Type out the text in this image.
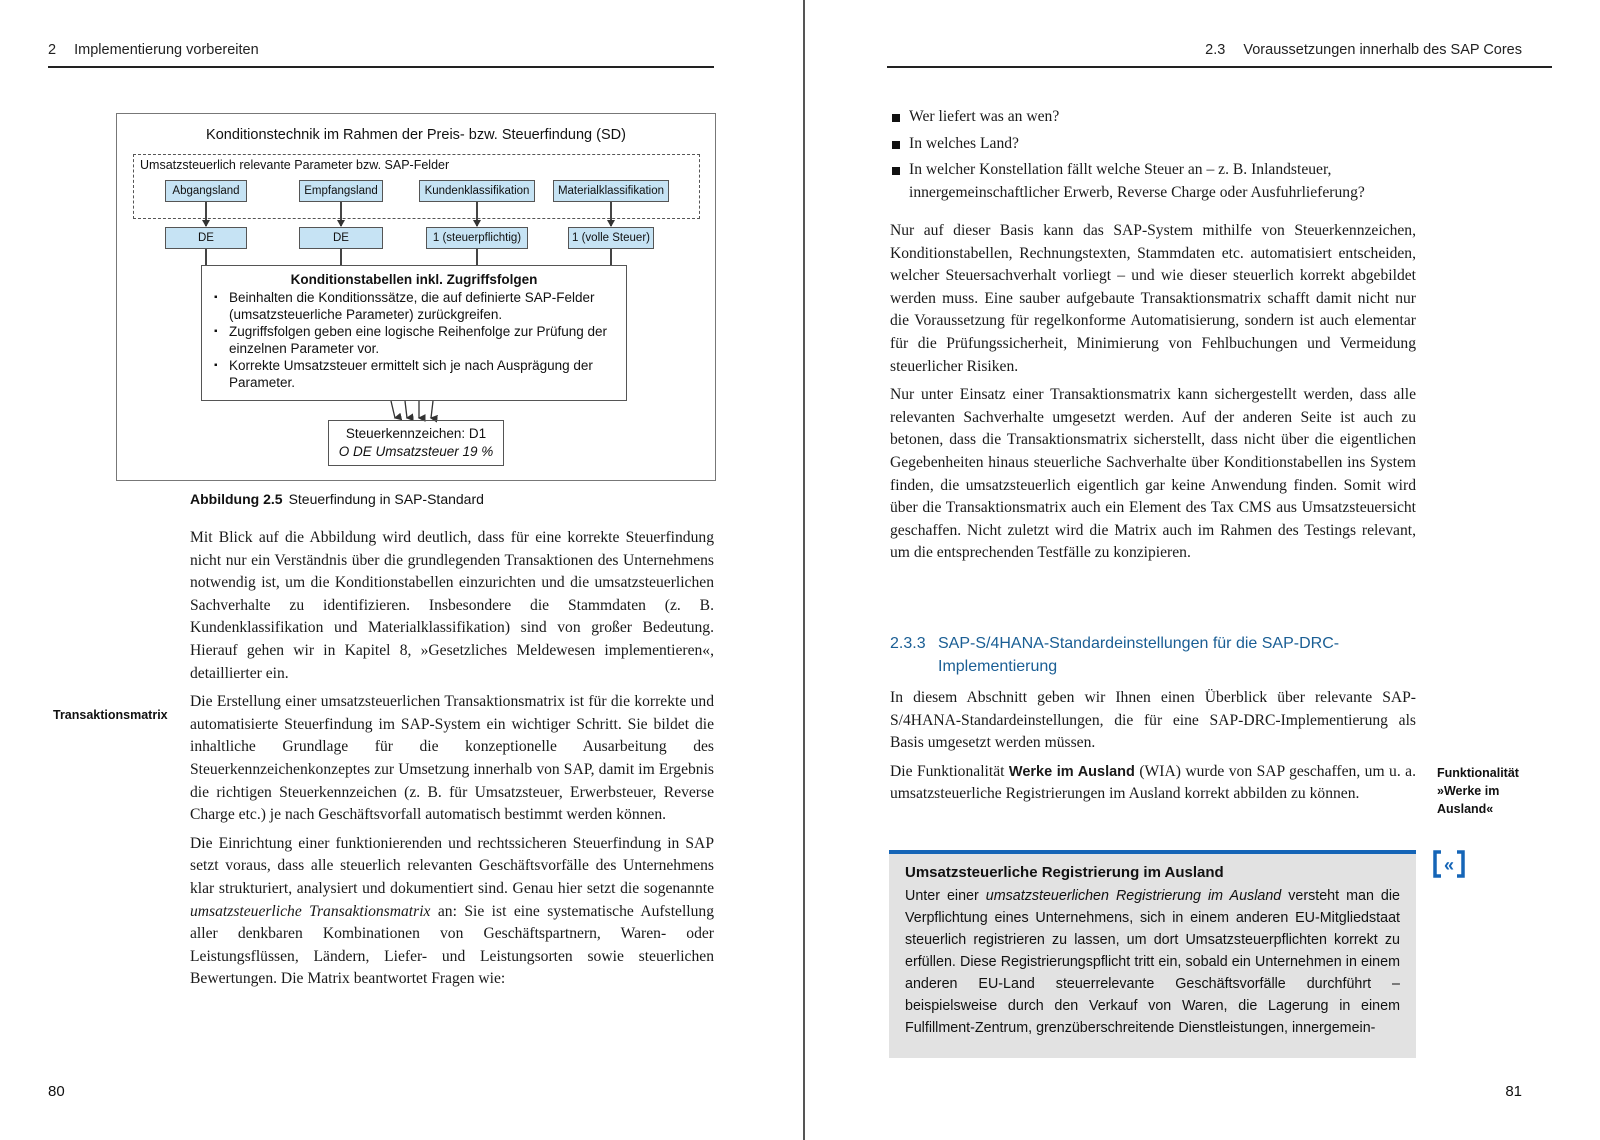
2 Implementierung vorbereiten
Konditionstechnik im Rahmen der Preis- bzw. Steuerfindung (SD)
Umsatzsteuerlich relevante Parameter bzw. SAP-Felder
Abgangsland	Empfangsland	Kundenklassifikation	Materialklassifikation
DE	DE	1 (steuerpflichtig)	1 (volle Steuer)
Konditionstabellen inkl. Zugriffsfolgen
▪ Beinhalten die Konditionssätze, die auf definierte SAP-Felder (umsatzsteuerliche Parameter) zurückgreifen.
▪ Zugriffsfolgen geben eine logische Reihenfolge zur Prüfung der einzelnen Parameter vor.
▪ Korrekte Umsatzsteuer ermittelt sich je nach Ausprägung der Parameter.
Steuerkennzeichen: D1
O DE Umsatzsteuer 19 %
Abbildung 2.5 Steuerfindung in SAP-Standard
Transaktionsmatrix

Mit Blick auf die Abbildung wird deutlich, dass für eine korrekte Steuerfindung nicht nur ein Verständnis über die grundlegenden Transaktionen des Unternehmens notwendig ist, um die Konditionstabellen einzurichten und die umsatzsteuerlichen Sachverhalte zu identifizieren. Insbesondere die Stammdaten (z. B. Kundenklassifikation und Materialklassifikation) sind von großer Bedeutung. Hierauf gehen wir in Kapitel 8, »Gesetzliches Meldewesen implementieren«, detaillierter ein.

Die Erstellung einer umsatzsteuerlichen Transaktionsmatrix ist für die korrekte und automatisierte Steuerfindung im SAP-System ein wichtiger Schritt. Sie bildet die inhaltliche Grundlage für die konzeptionelle Ausarbeitung des Steuerkennzeichenkonzeptes zur Umsetzung innerhalb von SAP, damit im Ergebnis die richtigen Steuerkennzeichen (z. B. für Umsatzsteuer, Erwerbsteuer, Reverse Charge etc.) je nach Geschäftsvorfall automatisch bestimmt werden können.

Die Einrichtung einer funktionierenden und rechtssicheren Steuerfindung in SAP setzt voraus, dass alle steuerlich relevanten Geschäftsvorfälle des Unternehmens klar strukturiert, analysiert und dokumentiert sind. Genau hier setzt die sogenannte umsatzsteuerliche Transaktionsmatrix an: Sie ist eine systematische Aufstellung aller denkbaren Kombinationen von Geschäftspartnern, Waren- oder Leistungsflüssen, Ländern, Liefer- und Leistungsorten sowie steuerlichen Bewertungen. Die Matrix beantwortet Fragen wie:

80
2.3 Voraussetzungen innerhalb des SAP Cores
81
Wer liefert was an wen?
In welches Land?
In welcher Konstellation fällt welche Steuer an – z. B. Inlandsteuer, innergemeinschaftlicher Erwerb, Reverse Charge oder Ausfuhrlieferung?

Nur auf dieser Basis kann das SAP-System mithilfe von Steuerkennzeichen, Konditionstabellen, Rechnungstexten, Stammdaten etc. automatisiert entscheiden, welcher Steuersachverhalt vorliegt – und wie dieser steuerlich korrekt abgebildet werden muss. Eine sauber aufgebaute Transaktionsmatrix schafft damit nicht nur die Voraussetzung für regelkonforme Automatisierung, sondern ist auch elementar für die Prüfungssicherheit, Minimierung von Fehlbuchungen und Vermeidung steuerlicher Risiken.

Nur unter Einsatz einer Transaktionsmatrix kann sichergestellt werden, dass alle relevanten Sachverhalte umgesetzt werden. Auf der anderen Seite ist auch zu betonen, dass die Transaktionsmatrix sicherstellt, dass nicht über die eigentlichen Gegebenheiten hinaus steuerliche Sachverhalte über Konditionstabellen ins System finden, die umsatzsteuerlich eigentlich gar keine Anwendung finden. Somit wird über die Transaktionsmatrix auch ein Element des Tax CMS aus Umsatzsteuersicht geschaffen. Nicht zuletzt wird die Matrix auch im Rahmen des Testings relevant, um die entsprechenden Testfälle zu konzipieren.

2.3.3 SAP-S/4HANA-Standardeinstellungen für die SAP-DRC-Implementierung

In diesem Abschnitt geben wir Ihnen einen Überblick über relevante SAP-S/4HANA-Standardeinstellungen, die für eine SAP-DRC-Implementierung als Basis umgesetzt werden müssen.

Die Funktionalität Werke im Ausland (WIA) wurde von SAP geschaffen, um u. a. umsatzsteuerliche Registrierungen im Ausland korrekt abbilden zu können.

Funktionalität »Werke im Ausland«
«
Umsatzsteuerliche Registrierung im Ausland
Unter einer umsatzsteuerlichen Registrierung im Ausland versteht man die Verpflichtung eines Unternehmens, sich in einem anderen EU-Mitgliedstaat steuerlich registrieren zu lassen, um dort Umsatzsteuerpflichten korrekt zu erfüllen. Diese Registrierungspflicht tritt ein, sobald ein Unternehmen in einem anderen EU-Land steuerrelevante Geschäftsvorfälle durchführt – beispielsweise durch den Verkauf von Waren, die Lagerung in einem Fulfillment-Zentrum, grenzüberschreitende Dienstleistungen, innergemein-
